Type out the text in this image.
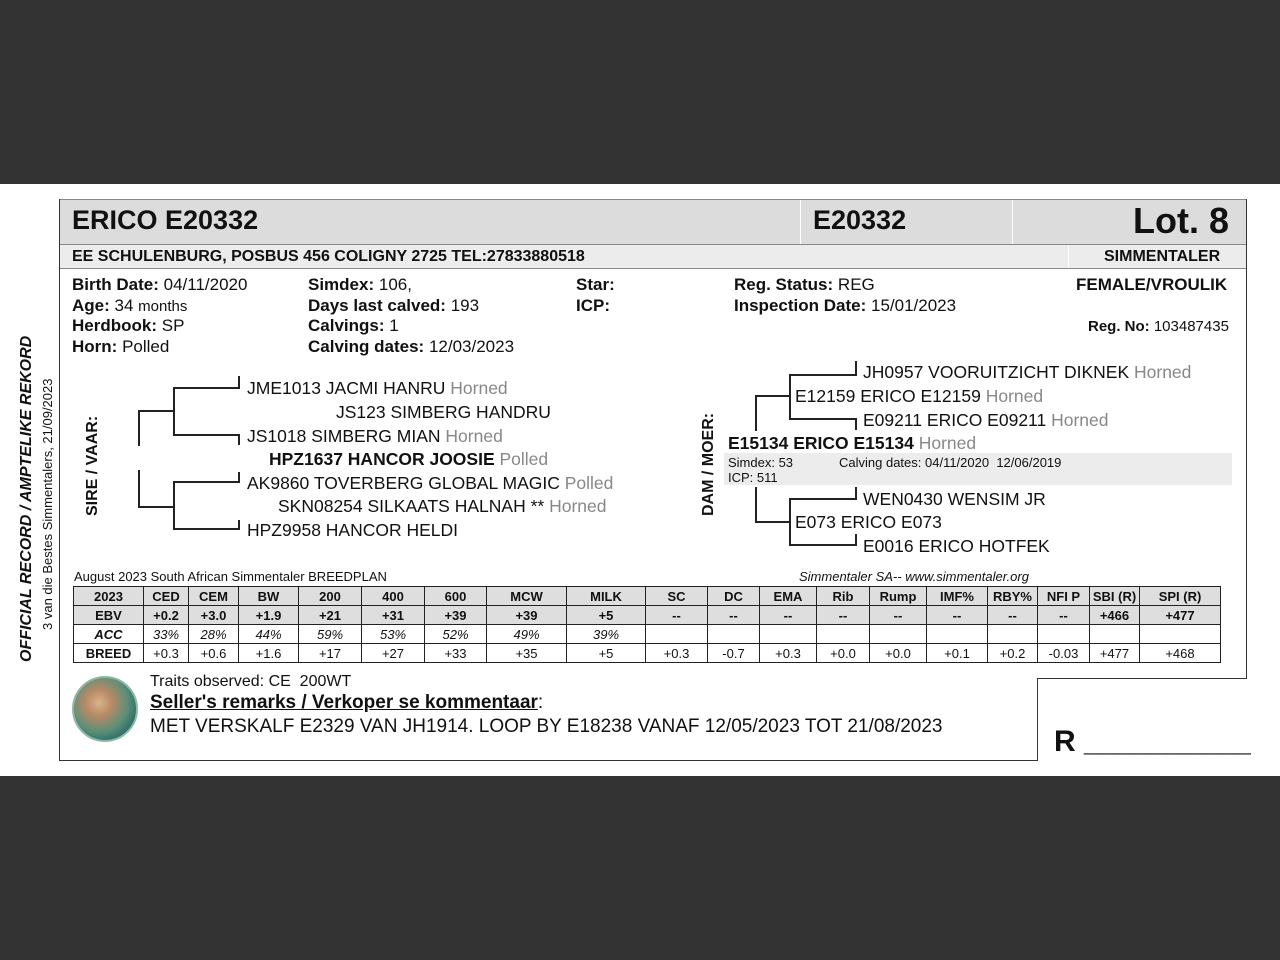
ERICO E20332	E20332	Lot. 8
EE SCHULENBURG, POSBUS 456 COLIGNY 2725 TEL:27833880518	SIMMENTALER
Birth Date: 04/11/2020
Age: 34 months
Herdbook: SP
Horn: Polled
Simdex: 106,
Days last calved: 193
Calvings: 1
Calving dates: 12/03/2023
Star:
ICP:
Reg. Status: REG
Inspection Date: 15/01/2023
FEMALE/VROULIK
Reg. No: 103487435
OFFICIAL RECORD / AMPTELIKE REKORD 3 van die Bestes Simmentalers, 21/09/2023 SIRE / VAAR:
JME1013 JACMI HANRU Horned
JS123 SIMBERG HANDRU
JS1018 SIMBERG MIAN Horned
HPZ1637 HANCOR JOOSIE Polled
AK9860 TOVERBERG GLOBAL MAGIC Polled
SKN08254 SILKAATS HALNAH ** Horned
HPZ9958 HANCOR HELDI
DAM / MOER:
JH0957 VOORUITZICHT DIKNEK Horned
E12159 ERICO E12159 Horned
E09211 ERICO E09211 Horned
E15134 ERICO E15134 Horned
Simdex: 53	Calving dates: 04/11/2020  12/06/2019
ICP: 511
WEN0430 WENSIM JR
E073 ERICO E073
E0016 ERICO HOTFEK
August 2023 South African Simmentaler BREEDPLAN	Simmentaler SA-- www.simmentaler.org
2023	CED	CEM	BW	200	400	600	MCW	MILK	SC	DC	EMA	Rib	Rump	IMF%	RBY%	NFI P	SBI (R)	SPI (R)
EBV	+0.2	+3.0	+1.9	+21	+31	+39	+39	+5	--	--	--	--	--	--	--	--	+466	+477
ACC	33%	28%	44%	59%	53%	52%	49%	39%										
BREED	+0.3	+0.6	+1.6	+17	+27	+33	+35	+5	+0.3	-0.7	+0.3	+0.0	+0.0	+0.1	+0.2	-0.03	+477	+468
Traits observed: CE  200WT
Seller's remarks / Verkoper se kommentaar:
MET VERSKALF E2329 VAN JH1914. LOOP BY E18238 VANAF 12/05/2023 TOT 21/08/2023	R __________
